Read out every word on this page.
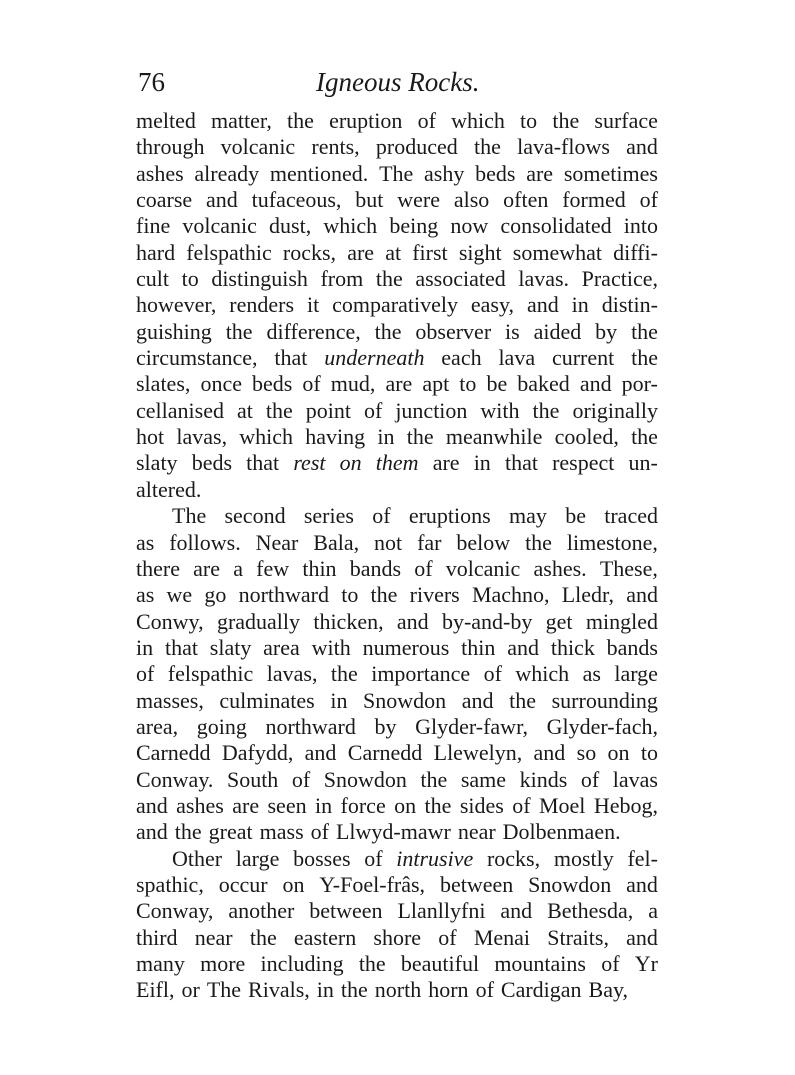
76	Igneous Rocks.
melted matter, the eruption of which to the surface
through volcanic rents, produced the lava-flows and
ashes already mentioned. The ashy beds are sometimes
coarse and tufaceous, but were also often formed of
fine volcanic dust, which being now consolidated into
hard felspathic rocks, are at first sight somewhat diffi-
cult to distinguish from the associated lavas. Practice,
however, renders it comparatively easy, and in distin-
guishing the difference, the observer is aided by the
circumstance, that underneath each lava current the
slates, once beds of mud, are apt to be baked and por-
cellanised at the point of junction with the originally
hot lavas, which having in the meanwhile cooled, the
slaty beds that rest on them are in that respect un-
altered.
The second series of eruptions may be traced
as follows. Near Bala, not far below the limestone,
there are a few thin bands of volcanic ashes. These,
as we go northward to the rivers Machno, Lledr, and
Conwy, gradually thicken, and by-and-by get mingled
in that slaty area with numerous thin and thick bands
of felspathic lavas, the importance of which as large
masses, culminates in Snowdon and the surrounding
area, going northward by Glyder-fawr, Glyder-fach,
Carnedd Dafydd, and Carnedd Llewelyn, and so on to
Conway. South of Snowdon the same kinds of lavas
and ashes are seen in force on the sides of Moel Hebog,
and the great mass of Llwyd-mawr near Dolbenmaen.
Other large bosses of intrusive rocks, mostly fel-
spathic, occur on Y-Foel-frâs, between Snowdon and
Conway, another between Llanllyfni and Bethesda, a
third near the eastern shore of Menai Straits, and
many more including the beautiful mountains of Yr
Eifl, or The Rivals, in the north horn of Cardigan Bay,
